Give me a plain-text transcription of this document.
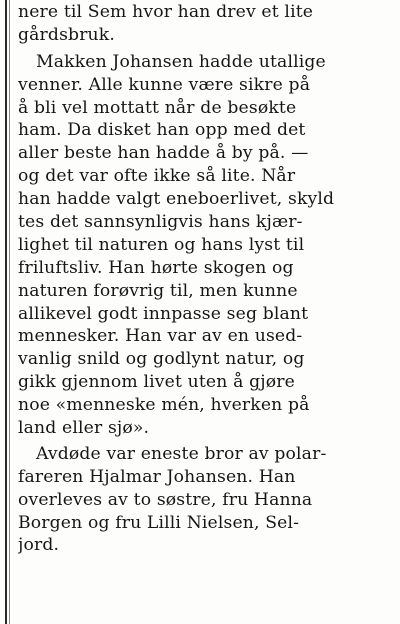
nere til Sem hvor han drev et lite
gårdsbruk.
Makken Johansen hadde utallige
venner. Alle kunne være sikre på
å bli vel mottatt når de besøkte
ham. Da disket han opp med det
aller beste han hadde å by på. —
og det var ofte ikke så lite. Når
han hadde valgt eneboerlivet, skyld
tes det sannsynligvis hans kjær-
lighet til naturen og hans lyst til
friluftsliv. Han hørte skogen og
naturen forøvrig til, men kunne
allikevel godt innpasse seg blant
mennesker. Han var av en used-
vanlig snild og godlynt natur, og
gikk gjennom livet uten å gjøre
noe «menneske mén, hverken på
land eller sjø».
Avdøde var eneste bror av polar-
fareren Hjalmar Johansen. Han
overleves av to søstre, fru Hanna
Borgen og fru Lilli Nielsen, Sel-
jord.
